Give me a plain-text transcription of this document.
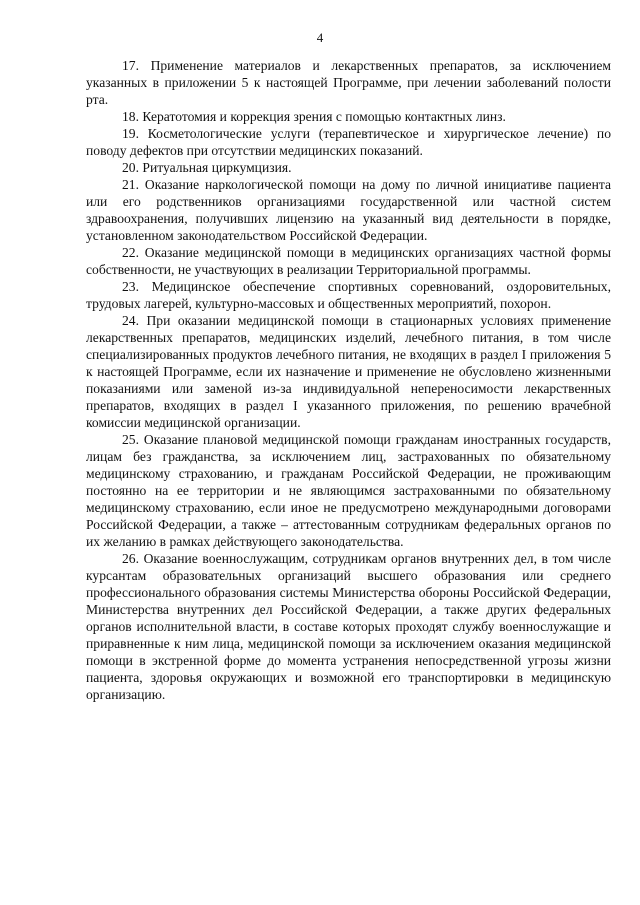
4

17. Применение материалов и лекарственных препаратов, за исключением указанных в приложении 5 к настоящей Программе, при лечении заболеваний полости рта.

18. Кератотомия и коррекция зрения с помощью контактных линз.

19. Косметологические услуги (терапевтическое и хирургическое лечение) по поводу дефектов при отсутствии медицинских показаний.

20. Ритуальная циркумцизия.

21. Оказание наркологической помощи на дому по личной инициативе пациента или его родственников организациями государственной или частной систем здравоохранения, получивших лицензию на указанный вид деятельности в порядке, установленном законодательством Российской Федерации.

22. Оказание медицинской помощи в медицинских организациях частной формы собственности, не участвующих в реализации Территориальной программы.

23. Медицинское обеспечение спортивных соревнований, оздоровительных, трудовых лагерей, культурно-массовых и общественных мероприятий, похорон.

24. При оказании медицинской помощи в стационарных условиях применение лекарственных препаратов, медицинских изделий, лечебного питания, в том числе специализированных продуктов лечебного питания, не входящих в раздел I приложения 5 к настоящей Программе, если их назначение и применение не обусловлено жизненными показаниями или заменой из-за индивидуальной непереносимости лекарственных препаратов, входящих в раздел I указанного приложения, по решению врачебной комиссии медицинской организации.

25. Оказание плановой медицинской помощи гражданам иностранных государств, лицам без гражданства, за исключением лиц, застрахованных по обязательному медицинскому страхованию, и гражданам Российской Федерации, не проживающим постоянно на ее территории и не являющимся застрахованными по обязательному медицинскому страхованию, если иное не предусмотрено международными договорами Российской Федерации, а также – аттестованным сотрудникам федеральных органов по их желанию в рамках действующего законодательства.

26. Оказание военнослужащим, сотрудникам органов внутренних дел, в том числе курсантам образовательных организаций высшего образования или среднего профессионального образования системы Министерства обороны Российской Федерации, Министерства внутренних дел Российской Федерации, а также других федеральных органов исполнительной власти, в составе которых проходят службу военнослужащие и приравненные к ним лица, медицинской помощи за исключением оказания медицинской помощи в экстренной форме до момента устранения непосредственной угрозы жизни пациента, здоровья окружающих и возможной его транспортировки в медицинскую организацию.
